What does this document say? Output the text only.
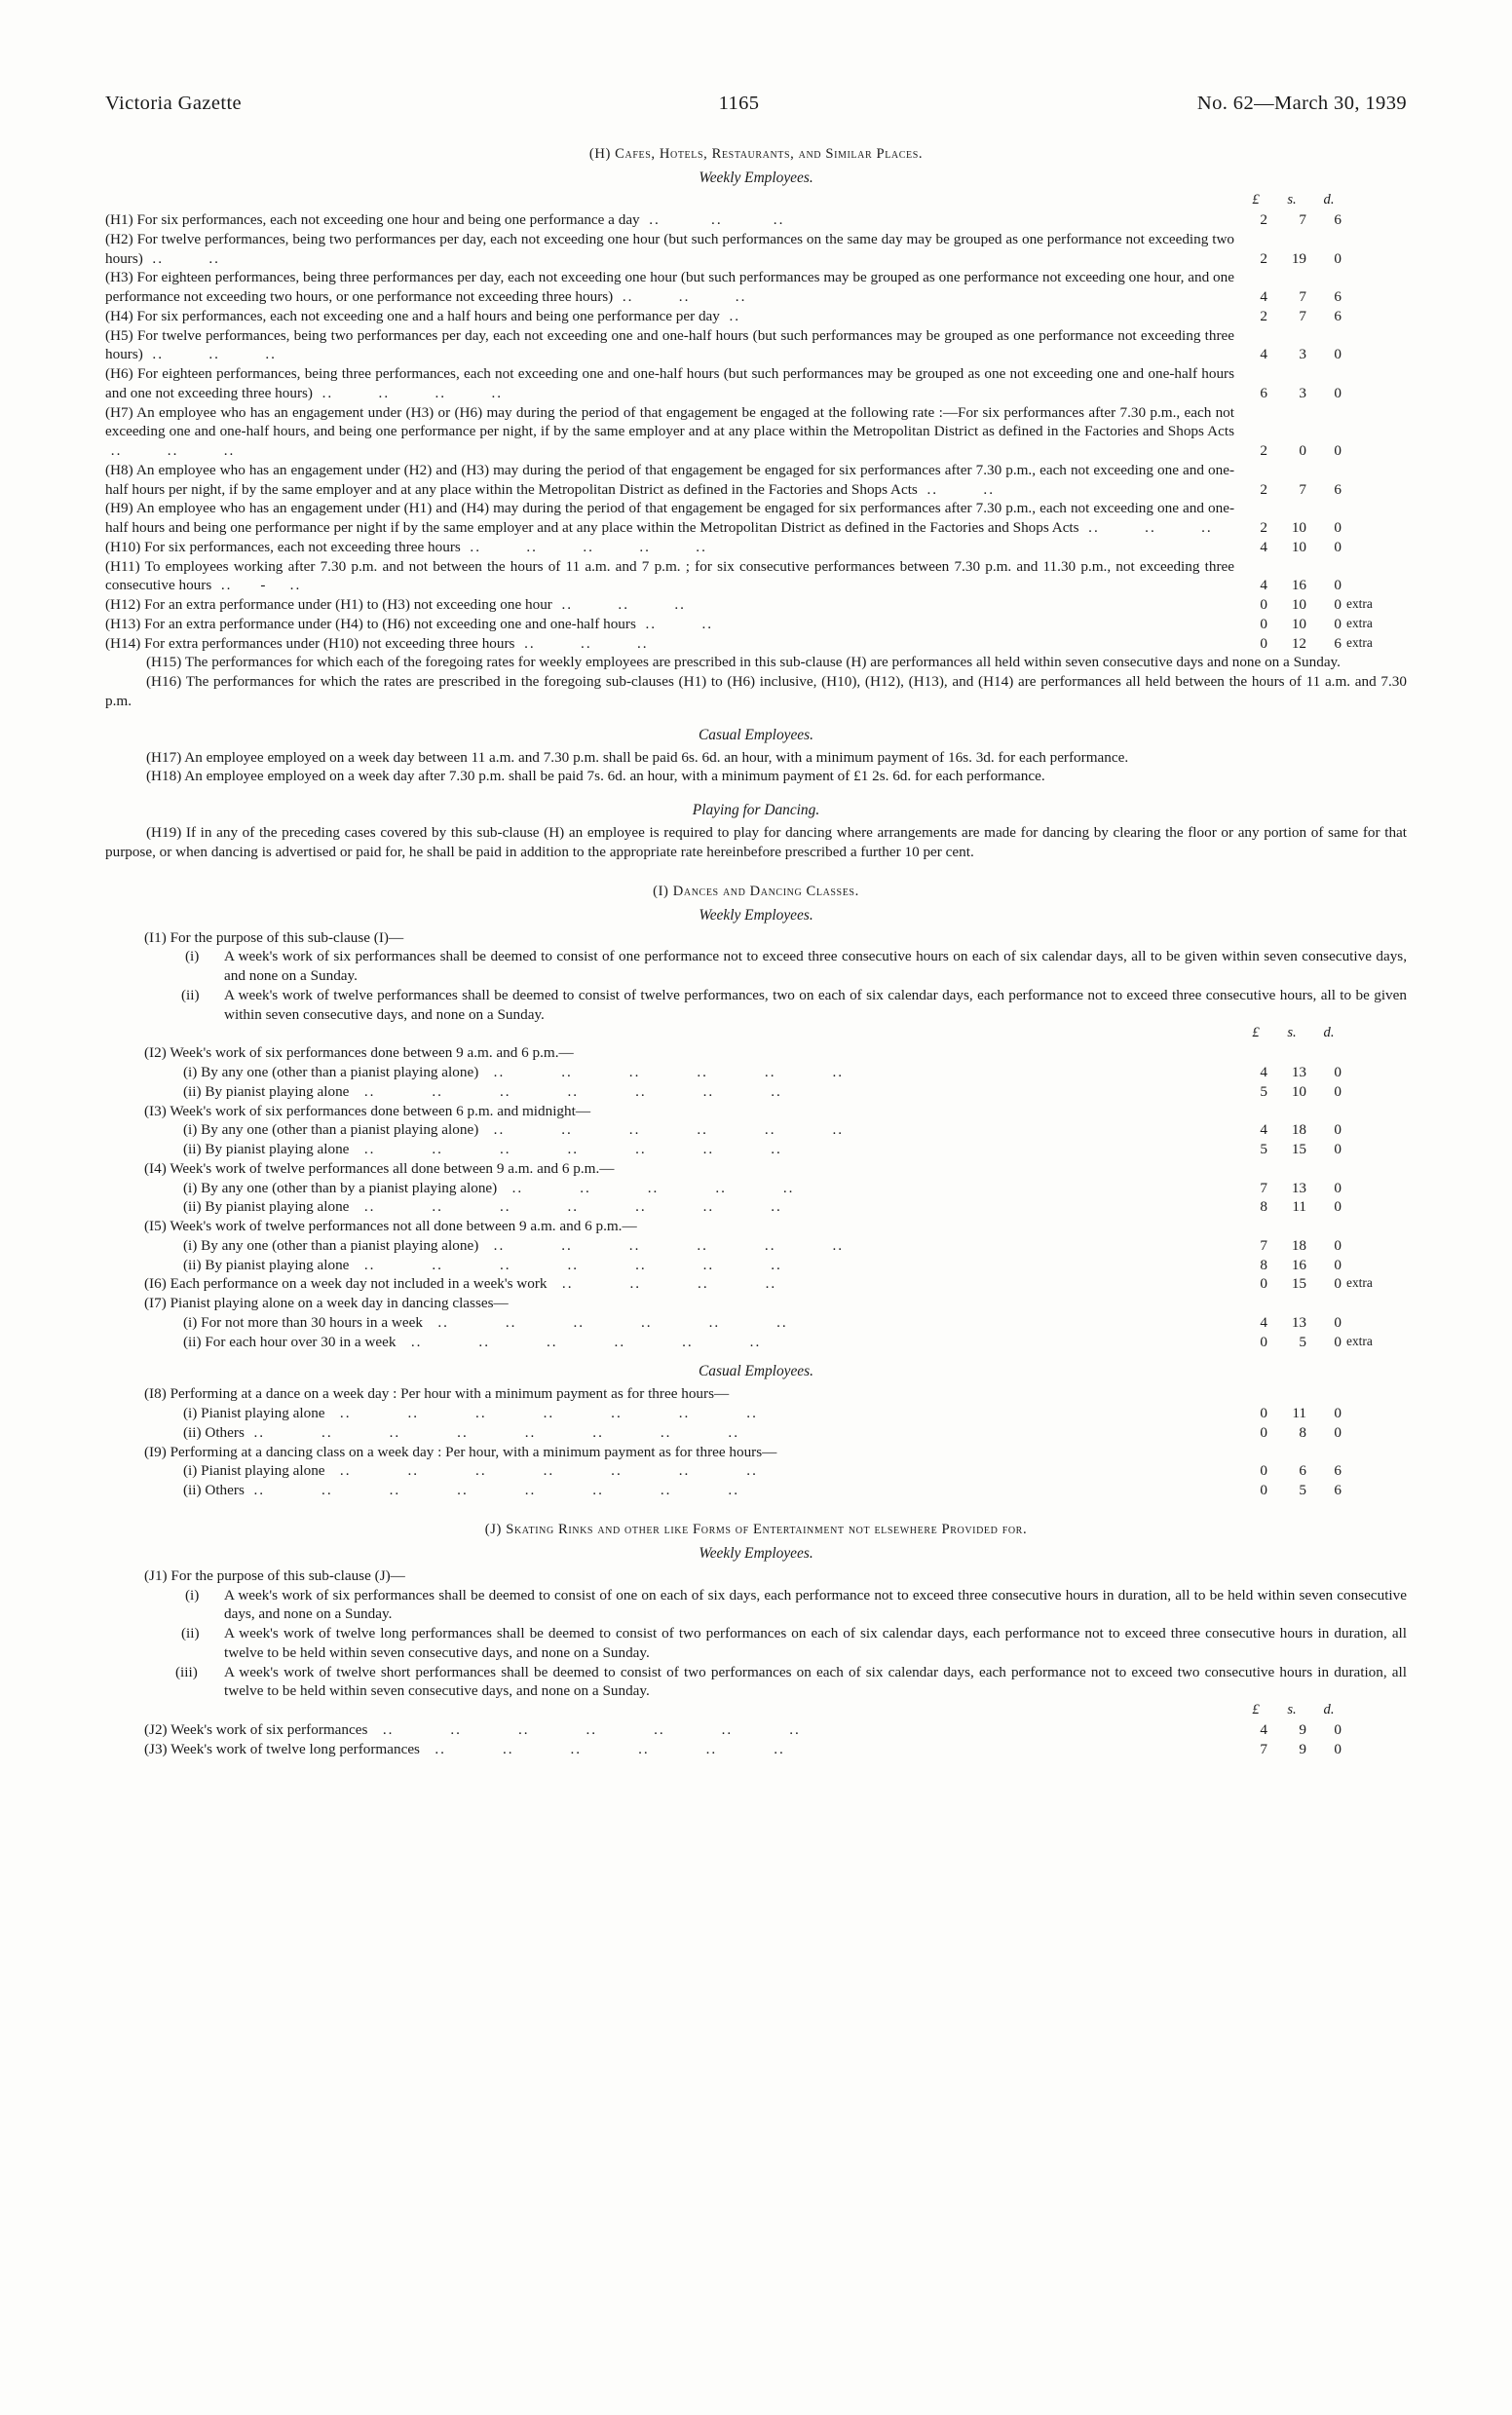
Victoria Gazette	1165	No. 62—March 30, 1939
(H) Cafes, Hotels, Restaurants, and Similar Places.
Weekly Employees.
£	s.	d.
(H1) For six performances, each not exceeding one hour and being one performance a day  ..         ..         ..	2	7	6
(H2) For twelve performances, being two performances per day, each not exceeding one hour (but such performances on the same day may be grouped as one performance not exceeding two hours)  ..        ..	2	19	0
(H3) For eighteen performances, being three performances per day, each not exceeding one hour (but such performances may be grouped as one performance not exceeding one hour, and one performance not exceeding two hours, or one performance not exceeding three hours)  ..        ..        ..	4	7	6
(H4) For six performances, each not exceeding one and a half hours and being one performance per day  ..	2	7	6
(H5) For twelve performances, being two performances per day, each not exceeding one and one-half hours (but such performances may be grouped as one performance not exceeding three hours)  ..        ..        ..	4	3	0
(H6) For eighteen performances, being three performances, each not exceeding one and one-half hours (but such performances may be grouped as one not exceeding one and one-half hours and one not exceeding three hours)  ..        ..        ..        ..	6	3	0
(H7) An employee who has an engagement under (H3) or (H6) may during the period of that engagement be engaged at the following rate :—For six performances after 7.30 p.m., each not exceeding one and one-half hours, and being one performance per night, if by the same employer and at any place within the Metropolitan District as defined in the Factories and Shops Acts  ..        ..        ..	2	0	0
(H8) An employee who has an engagement under (H2) and (H3) may during the period of that engagement be engaged for six performances after 7.30 p.m., each not exceeding one and one-half hours per night, if by the same employer and at any place within the Metropolitan District as defined in the Factories and Shops Acts  ..        ..	2	7	6
(H9) An employee who has an engagement under (H1) and (H4) may during the period of that engagement be engaged for six performances after 7.30 p.m., each not exceeding one and one-half hours and being one performance per night if by the same employer and at any place within the Metropolitan District as defined in the Factories and Shops Acts  ..        ..        ..	2	10	0
(H10) For six performances, each not exceeding three hours  ..        ..        ..        ..        ..	4	10	0
(H11) To employees working after 7.30 p.m. and not between the hours of 11 a.m. and 7 p.m. ; for six consecutive performances between 7.30 p.m. and 11.30 p.m., not exceeding three consecutive hours  ..     -    ..	4	16	0
(H12) For an extra performance under (H1) to (H3) not exceeding one hour  ..        ..        ..	0	10	0 extra
(H13) For an extra performance under (H4) to (H6) not exceeding one and one-half hours  ..        ..	0	10	0 extra
(H14) For extra performances under (H10) not exceeding three hours  ..        ..        ..	0	12	6 extra
(H15) The performances for which each of the foregoing rates for weekly employees are prescribed in this sub-clause (H) are performances all held within seven consecutive days and none on a Sunday.
(H16) The performances for which the rates are prescribed in the foregoing sub-clauses (H1) to (H6) inclusive, (H10), (H12), (H13), and (H14) are performances all held between the hours of 11 a.m. and 7.30 p.m.
Casual Employees.
(H17) An employee employed on a week day between 11 a.m. and 7.30 p.m. shall be paid 6s. 6d. an hour, with a minimum payment of 16s. 3d. for each performance.
(H18) An employee employed on a week day after 7.30 p.m. shall be paid 7s. 6d. an hour, with a minimum payment of £1 2s. 6d. for each performance.
Playing for Dancing.
(H19) If in any of the preceding cases covered by this sub-clause (H) an employee is required to play for dancing where arrangements are made for dancing by clearing the floor or any portion of same for that purpose, or when dancing is advertised or paid for, he shall be paid in addition to the appropriate rate hereinbefore prescribed a further 10 per cent.
(I) Dances and Dancing Classes.
Weekly Employees.
(I1) For the purpose of this sub-clause (I)—
(i) A week's work of six performances shall be deemed to consist of one performance not to exceed three consecutive hours on each of six calendar days, all to be given within seven consecutive days, and none on a Sunday.
(ii) A week's work of twelve performances shall be deemed to consist of twelve performances, two on each of six calendar days, each performance not to exceed three consecutive hours, all to be given within seven consecutive days, and none on a Sunday.
£	s.	d.
(I2) Week's work of six performances done between 9 a.m. and 6 p.m.—
(i) By any one (other than a pianist playing alone)   ..          ..          ..          ..          ..          ..	4	13	0
(ii) By pianist playing alone   ..          ..          ..          ..          ..          ..          ..	5	10	0
(I3) Week's work of six performances done between 6 p.m. and midnight—
(i) By any one (other than a pianist playing alone)   ..          ..          ..          ..          ..          ..	4	18	0
(ii) By pianist playing alone   ..          ..          ..          ..          ..          ..          ..	5	15	0
(I4) Week's work of twelve performances all done between 9 a.m. and 6 p.m.—
(i) By any one (other than by a pianist playing alone)   ..          ..          ..          ..          ..	7	13	0
(ii) By pianist playing alone   ..          ..          ..          ..          ..          ..          ..	8	11	0
(I5) Week's work of twelve performances not all done between 9 a.m. and 6 p.m.—
(i) By any one (other than a pianist playing alone)   ..          ..          ..          ..          ..          ..	7	18	0
(ii) By pianist playing alone   ..          ..          ..          ..          ..          ..          ..	8	16	0
(I6) Each performance on a week day not included in a week's work   ..          ..          ..          ..	0	15	0 extra
(I7) Pianist playing alone on a week day in dancing classes—
(i) For not more than 30 hours in a week   ..          ..          ..          ..          ..          ..	4	13	0
(ii) For each hour over 30 in a week   ..          ..          ..          ..          ..          ..	0	5	0 extra
Casual Employees.
(I8) Performing at a dance on a week day : Per hour with a minimum payment as for three hours—
(i) Pianist playing alone   ..          ..          ..          ..          ..          ..          ..	0	11	0
(ii) Others  ..          ..          ..          ..          ..          ..          ..          ..	0	8	0
(I9) Performing at a dancing class on a week day : Per hour, with a minimum payment as for three hours—
(i) Pianist playing alone   ..          ..          ..          ..          ..          ..          ..	0	6	6
(ii) Others  ..          ..          ..          ..          ..          ..          ..          ..	0	5	6
(J) Skating Rinks and other like Forms of Entertainment not elsewhere Provided for.
Weekly Employees.
(J1) For the purpose of this sub-clause (J)—
(i) A week's work of six performances shall be deemed to consist of one on each of six days, each performance not to exceed three consecutive hours in duration, all to be held within seven consecutive days, and none on a Sunday.
(ii) A week's work of twelve long performances shall be deemed to consist of two performances on each of six calendar days, each performance not to exceed three consecutive hours in duration, all twelve to be held within seven consecutive days, and none on a Sunday.
(iii) A week's work of twelve short performances shall be deemed to consist of two performances on each of six calendar days, each performance not to exceed two consecutive hours in duration, all twelve to be held within seven consecutive days, and none on a Sunday.
£	s.	d.
(J2) Week's work of six performances   ..          ..          ..          ..          ..          ..          ..	4	9	0
(J3) Week's work of twelve long performances   ..          ..          ..          ..          ..          ..	7	9	0
